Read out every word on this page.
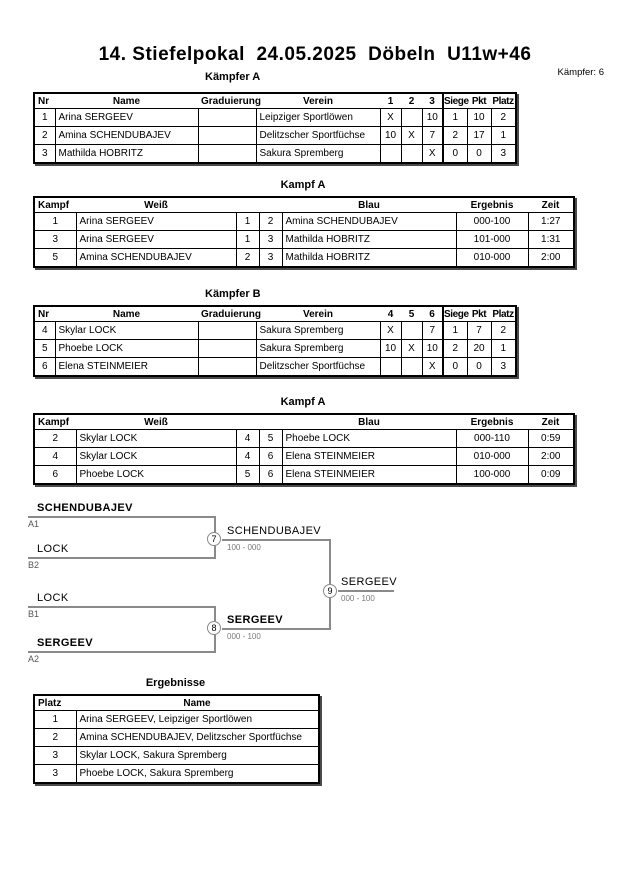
14. Stiefelpokal  24.05.2025  Döbeln  U11w+46
Kämpfer: 6
Kämpfer A
Nr	Name	Graduierung	Verein	1	2	3	Siege	Pkt	Platz
1	Arina SERGEEV		Leipziger Sportlöwen	X		10	1	10	2
2	Amina SCHENDUBAJEV		Delitzscher Sportfüchse	10	X	7	2	17	1
3	Mathilda HOBRITZ		Sakura Spremberg			X	0	0	3
Kampf A
Kampf	Weiß			Blau	Ergebnis	Zeit
1	Arina SERGEEV	1	2	Amina SCHENDUBAJEV	000-100	1:27
3	Arina SERGEEV	1	3	Mathilda HOBRITZ	101-000	1:31
5	Amina SCHENDUBAJEV	2	3	Mathilda HOBRITZ	010-000	2:00
Kämpfer B
Nr	Name	Graduierung	Verein	4	5	6	Siege	Pkt	Platz
4	Skylar LOCK		Sakura Spremberg	X		7	1	7	2
5	Phoebe LOCK		Sakura Spremberg	10	X	10	2	20	1
6	Elena STEINMEIER		Delitzscher Sportfüchse			X	0	0	3
Kampf A
Kampf	Weiß			Blau	Ergebnis	Zeit
2	Skylar LOCK	4	5	Phoebe LOCK	000-110	0:59
4	Skylar LOCK	4	6	Elena STEINMEIER	010-000	2:00
6	Phoebe LOCK	5	6	Elena STEINMEIER	100-000	0:09
SCHENDUBAJEV
A1
LOCK
B2
7
SCHENDUBAJEV
100 - 000
LOCK
B1
SERGEEV
A2
8
SERGEEV
000 - 100
9
SERGEEV
000 - 100
Ergebnisse
Platz	Name
1	Arina SERGEEV, Leipziger Sportlöwen
2	Amina SCHENDUBAJEV, Delitzscher Sportfüchse
3	Skylar LOCK, Sakura Spremberg
3	Phoebe LOCK, Sakura Spremberg
